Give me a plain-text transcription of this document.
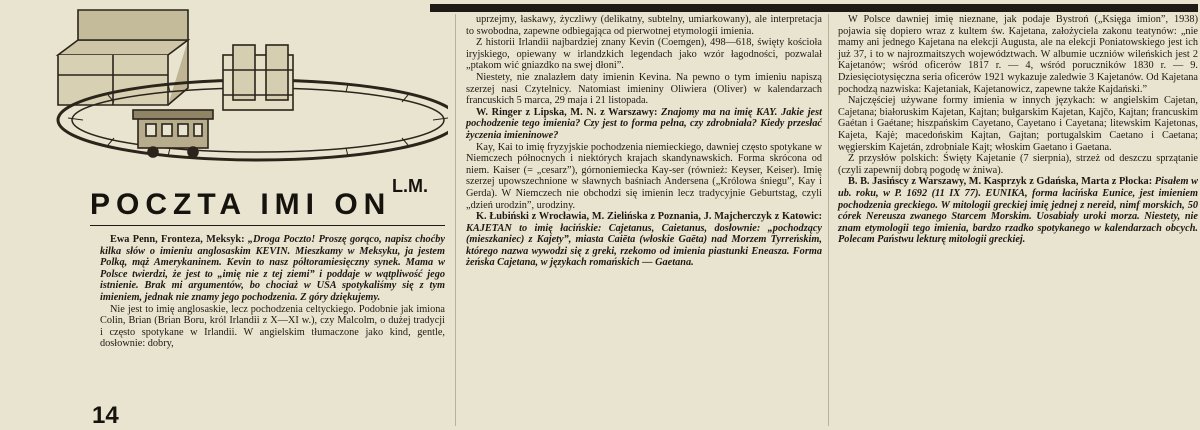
POCZTA IMI ON
L.M.

Ewa Penn, Fronteza, Meksyk: „Droga Poczto! Proszę gorąco, napisz choćby kilka słów o imieniu anglosaskim KEVIN. Mieszkamy w Meksyku, ja jestem Polką, mąż Amerykaninem. Kevin to nasz półtoramiesięczny synek. Mama w Polsce twierdzi, że jest to „imię nie z tej ziemi” i poddaje w wątpliwość jego istnienie. Brak mi argumentów, bo chociaż w USA spotykaliśmy się z tym imieniem, jednak nie znamy jego pochodzenia. Z góry dziękujemy.

Nie jest to imię anglosaskie, lecz pochodzenia celtyckiego. Podobnie jak imiona Colin, Brian (Brian Boru, król Irlandii z X—XI w.), czy Malcolm, o dużej tradycji i często spotykane w Irlandii. W angielskim tłumaczone jako kind, gentle, dosłownie: dobry,

uprzejmy, łaskawy, życzliwy (delikatny, subtelny, umiarkowany), ale interpretacja to swobodna, zapewne odbiegająca od pierwotnej etymologii imienia.

Z historii Irlandii najbardziej znany Kevin (Coemgen), 498—618, święty kościoła iryjskiego, opiewany w irlandzkich legendach jako wzór łagodności, pozwalał „ptakom wić gniazdko na swej dłoni”.

Niestety, nie znalazłem daty imienin Kevina. Na pewno o tym imieniu napiszą szerzej nasi Czytelnicy. Natomiast imieniny Oliwiera (Oliver) w kalendarzach francuskich 5 marca, 29 maja i 21 listopada.

W. Ringer z Lipska, M. N. z Warszawy: Znajomy ma na imię KAY. Jakie jest pochodzenie tego imienia? Czy jest to forma pełna, czy zdrobniała? Kiedy przesłać życzenia imieninowe?

Kay, Kai to imię fryzyjskie pochodzenia niemieckiego, dawniej często spotykane w Niemczech północnych i niektórych krajach skandynawskich. Forma skrócona od niem. Kaiser (= „cesarz”), górnoniemiecka Kay-ser (również: Keyser, Keiser). Imię szerzej upowszechnione w sławnych baśniach Andersena („Królowa śniegu”, Kay i Gerda). W Niemczech nie obchodzi się imienin lecz tradycyjnie Geburtstag, czyli „dzień urodzin”, urodziny.

K. Łubiński z Wrocławia, M. Zielińska z Poznania, J. Majcherczyk z Katowic: KAJETAN to imię łacińskie: Cajetanus, Caietanus, dosłownie: „pochodzący (mieszkaniec) z Kajety”, miasta Caiēta (włoskie Gaēta) nad Morzem Tyrreńskim, którego nazwa wywodzi się z greki, rzekomo od imienia piastunki Eneasza. Forma żeńska Cajetana, w językach romańskich — Gaetana.

W Polsce dawniej imię nieznane, jak podaje Bystroń („Księga imion”, 1938) pojawia się dopiero wraz z kultem św. Kajetana, założyciela zakonu teatynów: „nie mamy ani jednego Kajetana na elekcji Augusta, ale na elekcji Poniatowskiego jest ich już 37, i to w najrozmaitszych województwach. W albumie uczniów wileńskich jest 2 Kajetanów; wśród oficerów 1817 r. — 4, wśród poruczników 1830 r. — 9. Dziesięciotysięczna seria oficerów 1921 wykazuje zaledwie 3 Kajetanów. Od Kajetana pochodzą nazwiska: Kajetaniak, Kajetanowicz, zapewne także Kajdański.”

Najczęściej używane formy imienia w innych językach: w angielskim Cajetan, Cajetana; białoruskim Kajetan, Kajtan; bułgarskim Kajetan, Kajčo, Kajtan; francuskim Gaétan i Gaétane; hiszpańskim Cayetano, Cayetano i Cayetana; litewskim Kajetonas, Kajeta, Kajė; macedońskim Kajtan, Gajtan; portugalskim Caetano i Caetana; węgierskim Kajetán, zdrobniale Kajt; włoskim Gaetano i Gaetana.

Z przysłów polskich: Święty Kajetanie (7 sierpnia), strzeż od deszczu sprzątanie (czyli zapewnij dobrą pogodę w żniwa).

B. B. Jasińscy z Warszawy, M. Kasprzyk z Gdańska, Marta z Płocka: Pisałem w ub. roku, w P. 1692 (11 IX 77). EUNIKA, forma łacińska Eunice, jest imieniem pochodzenia greckiego. W mitologii greckiej imię jednej z nereid, nimf morskich, 50 córek Nereusza zwanego Starcem Morskim. Uosabiały uroki morza. Niestety, nie znam etymologii tego imienia, bardzo rzadko spotykanego w kalendarzach obcych. Polecam Państwu lekturę mitologii greckiej.

14
